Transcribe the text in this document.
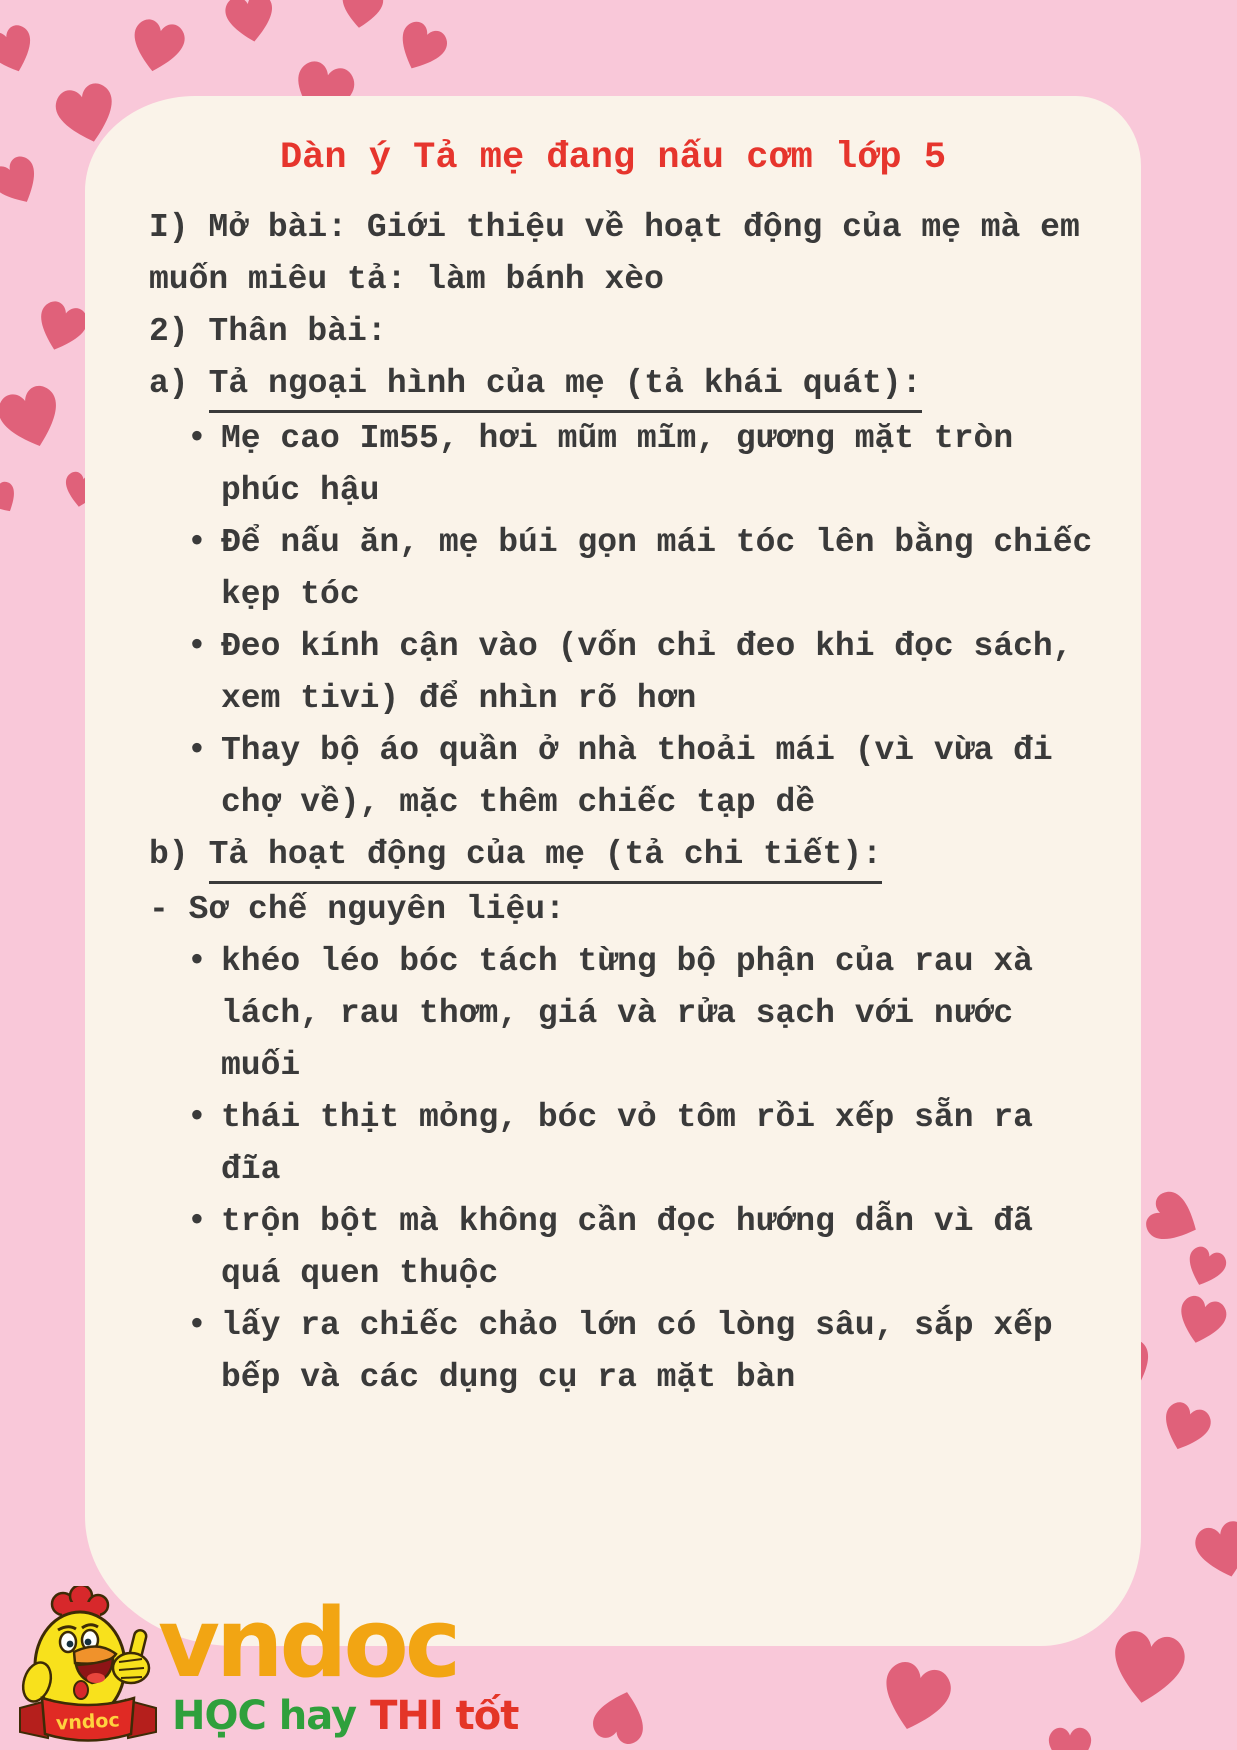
Dàn ý Tả mẹ đang nấu cơm lớp 5
I) Mở bài: Giới thiệu về hoạt động của mẹ mà em muốn miêu tả: làm bánh xèo
2) Thân bài:
a) Tả ngoại hình của mẹ (tả khái quát):
• Mẹ cao Im55, hơi mũm mĩm, gương mặt tròn phúc hậu
• Để nấu ăn, mẹ búi gọn mái tóc lên bằng chiếc kẹp tóc
• Đeo kính cận vào (vốn chỉ đeo khi đọc sách, xem tivi) để nhìn rõ hơn
• Thay bộ áo quần ở nhà thoải mái (vì vừa đi chợ về), mặc thêm chiếc tạp dề
b) Tả hoạt động của mẹ (tả chi tiết):
- Sơ chế nguyên liệu:
• khéo léo bóc tách từng bộ phận của rau xà lách, rau thơm, giá và rửa sạch với nước muối
• thái thịt mỏng, bóc vỏ tôm rồi xếp sẵn ra đĩa
• trộn bột mà không cần đọc hướng dẫn vì đã quá quen thuộc
• lấy ra chiếc chảo lớn có lòng sâu, sắp xếp bếp và các dụng cụ ra mặt bàn
vndoc
vndoc
HỌC hay THI tốt
